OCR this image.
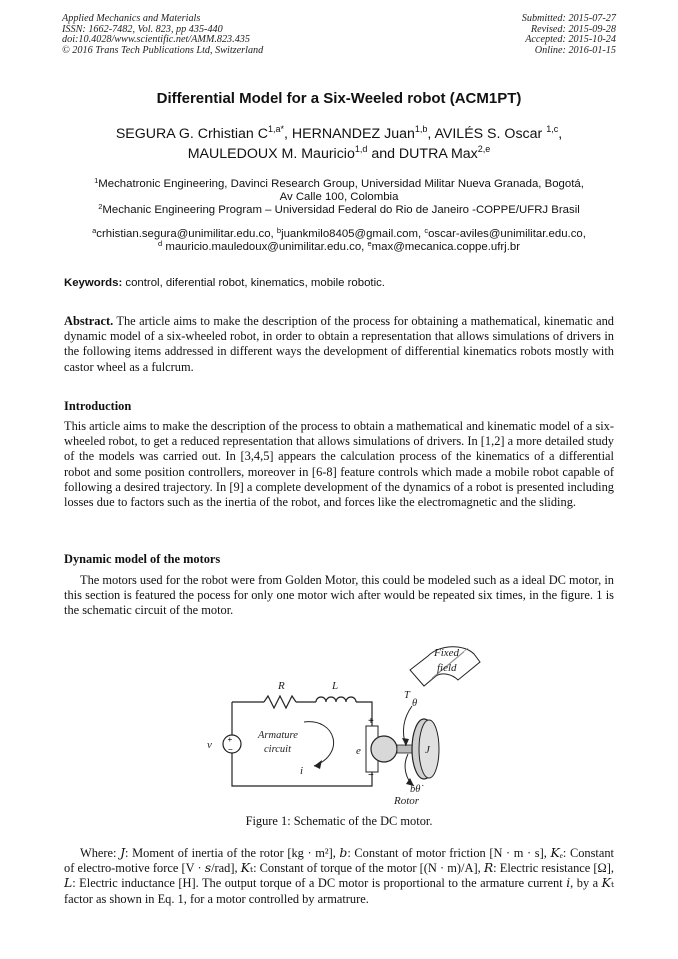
Applied Mechanics and Materials
ISSN: 1662-7482, Vol. 823, pp 435-440
doi:10.4028/www.scientific.net/AMM.823.435
© 2016 Trans Tech Publications Ltd, Switzerland
Submitted: 2015-07-27
Revised: 2015-09-28
Accepted: 2015-10-24
Online: 2016-01-15
Differential Model for a Six-Weeled robot (ACM1PT)
SEGURA G. Crhistian $C^{1,a*}$, HERNANDEZ Juan$^{1,b}$, AVILÉS S. Oscar $^{1,c}$,
MAULEDOUX M. Mauricio$^{1,d}$ and DUTRA Max$^{2,e}$
$^1$Mechatronic Engineering, Davinci Research Group, Universidad Militar Nueva Granada, Bogotá,
Av Calle 100, Colombia
$^2$Mechanic Engineering Program – Universidad Federal do Rio de Janeiro -COPPE/UFRJ Brasil
$^a$crhistian.segura@unimilitar.edu.co, $^b$juankmilo8405@gmail.com, $^c$oscar-aviles@unimilitar.edu.co,
$^d$ mauricio.mauledoux@unimilitar.edu.co, $^e$max@mecanica.coppe.ufrj.br
Keywords: control, diferential robot, kinematics, mobile robotic.
Abstract. The article aims to make the description of the process for obtaining a mathematical, kinematic and dynamic model of a six-wheeled robot, in order to obtain a representation that allows simulations of drivers in the following items addressed in different ways the development of differential kinematics robots mostly with castor wheel as a fulcrum.
Introduction
This article aims to make the description of the process to obtain a mathematical and kinematic model of a six-wheeled robot, to get a reduced representation that allows simulations of drivers. In [1,2] a more detailed study of the models was carried out. In [3,4,5] appears the calculation process of the kinematics of a differential robot and some position controllers, moreover in [6-8] feature controls which made a mobile robot capable of following a desired trajectory. In [9] a complete development of the dynamics of a robot is presented including losses due to factors such as the inertia of the robot, and forces like the electromagnetic and the sliding.
Dynamic model of the motors
The motors used for the robot were from Golden Motor, this could be modeled such as a ideal DC motor, in this section is featured the pocess for only one motor wich after would be repeated six times, in the figure. 1 is the schematic circuit of the motor.
Fixed
field
R	L
+
−
v
Armature
circuit
i
+
−
e	J
T
θ
bθ̇
Rotor
Figure 1: Schematic of the DC motor.
Where: 𝐽: Moment of inertia of the rotor [kg · m²], 𝑏: Constant of motor friction [N · m · s], 𝐾ₑ: Constant of electro-motive force [V · 𝑠/rad], 𝐾ₜ: Constant of torque of the motor [(N · m)/A], 𝑅: Electric resistance [Ω], 𝐿: Electric inductance [H]. The output torque of a DC motor is proportional to the armature current 𝑖, by a 𝐾ₜ factor as shown in Eq. 1, for a motor controlled by armatrure.
